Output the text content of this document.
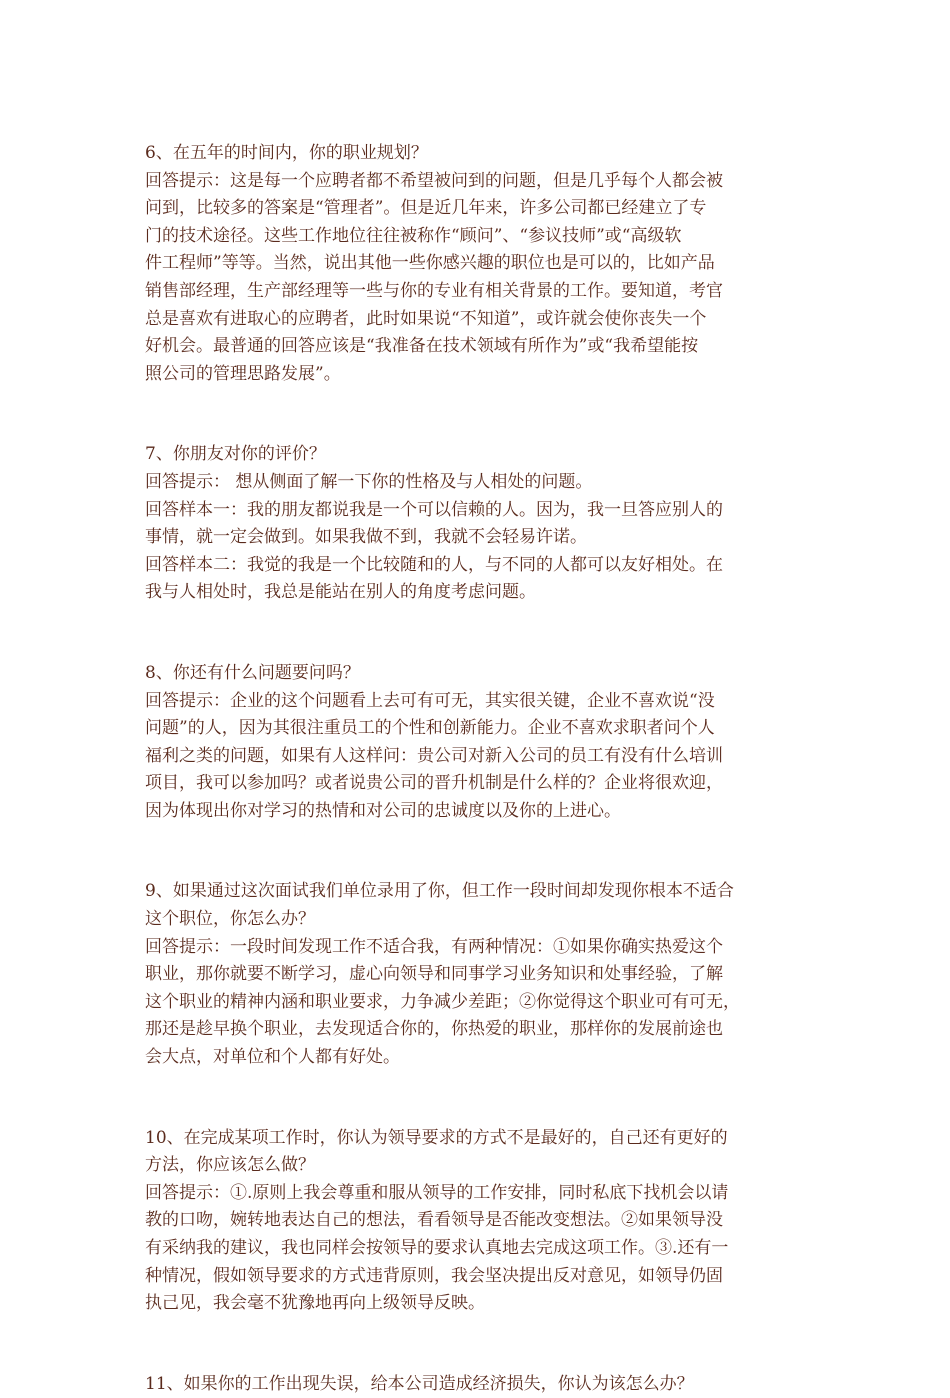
6、在五年的时间内，你的职业规划？
回答提示：这是每一个应聘者都不希望被问到的问题，但是几乎每个人都会被
问到，比较多的答案是“管理者”。但是近几年来，许多公司都已经建立了专
门的技术途径。这些工作地位往往被称作“顾问”、“参议技师”或“高级软
件工程师”等等。当然，说出其他一些你感兴趣的职位也是可以的，比如产品
销售部经理，生产部经理等一些与你的专业有相关背景的工作。要知道，考官
总是喜欢有进取心的应聘者，此时如果说“不知道”，或许就会使你丧失一个
好机会。最普通的回答应该是“我准备在技术领域有所作为”或“我希望能按
照公司的管理思路发展”。
7、你朋友对你的评价？
回答提示： 想从侧面了解一下你的性格及与人相处的问题。
回答样本一：我的朋友都说我是一个可以信赖的人。因为，我一旦答应别人的
事情，就一定会做到。如果我做不到，我就不会轻易许诺。
回答样本二：我觉的我是一个比较随和的人，与不同的人都可以友好相处。在
我与人相处时，我总是能站在别人的角度考虑问题。
8、你还有什么问题要问吗？
回答提示：企业的这个问题看上去可有可无，其实很关键，企业不喜欢说“没
问题”的人，因为其很注重员工的个性和创新能力。企业不喜欢求职者问个人
福利之类的问题，如果有人这样问：贵公司对新入公司的员工有没有什么培训
项目，我可以参加吗？或者说贵公司的晋升机制是什么样的？企业将很欢迎，
因为体现出你对学习的热情和对公司的忠诚度以及你的上进心。
9、如果通过这次面试我们单位录用了你，但工作一段时间却发现你根本不适合
这个职位，你怎么办？
回答提示：一段时间发现工作不适合我，有两种情况：①如果你确实热爱这个
职业，那你就要不断学习，虚心向领导和同事学习业务知识和处事经验，了解
这个职业的精神内涵和职业要求，力争减少差距；②你觉得这个职业可有可无，
那还是趁早换个职业，去发现适合你的，你热爱的职业，那样你的发展前途也
会大点，对单位和个人都有好处。
10、在完成某项工作时，你认为领导要求的方式不是最好的，自己还有更好的
方法，你应该怎么做？
回答提示：①.原则上我会尊重和服从领导的工作安排，同时私底下找机会以请
教的口吻，婉转地表达自己的想法，看看领导是否能改变想法。②如果领导没
有采纳我的建议，我也同样会按领导的要求认真地去完成这项工作。③.还有一
种情况，假如领导要求的方式违背原则，我会坚决提出反对意见，如领导仍固
执己见，我会毫不犹豫地再向上级领导反映。
11、如果你的工作出现失误，给本公司造成经济损失，你认为该怎么办？
